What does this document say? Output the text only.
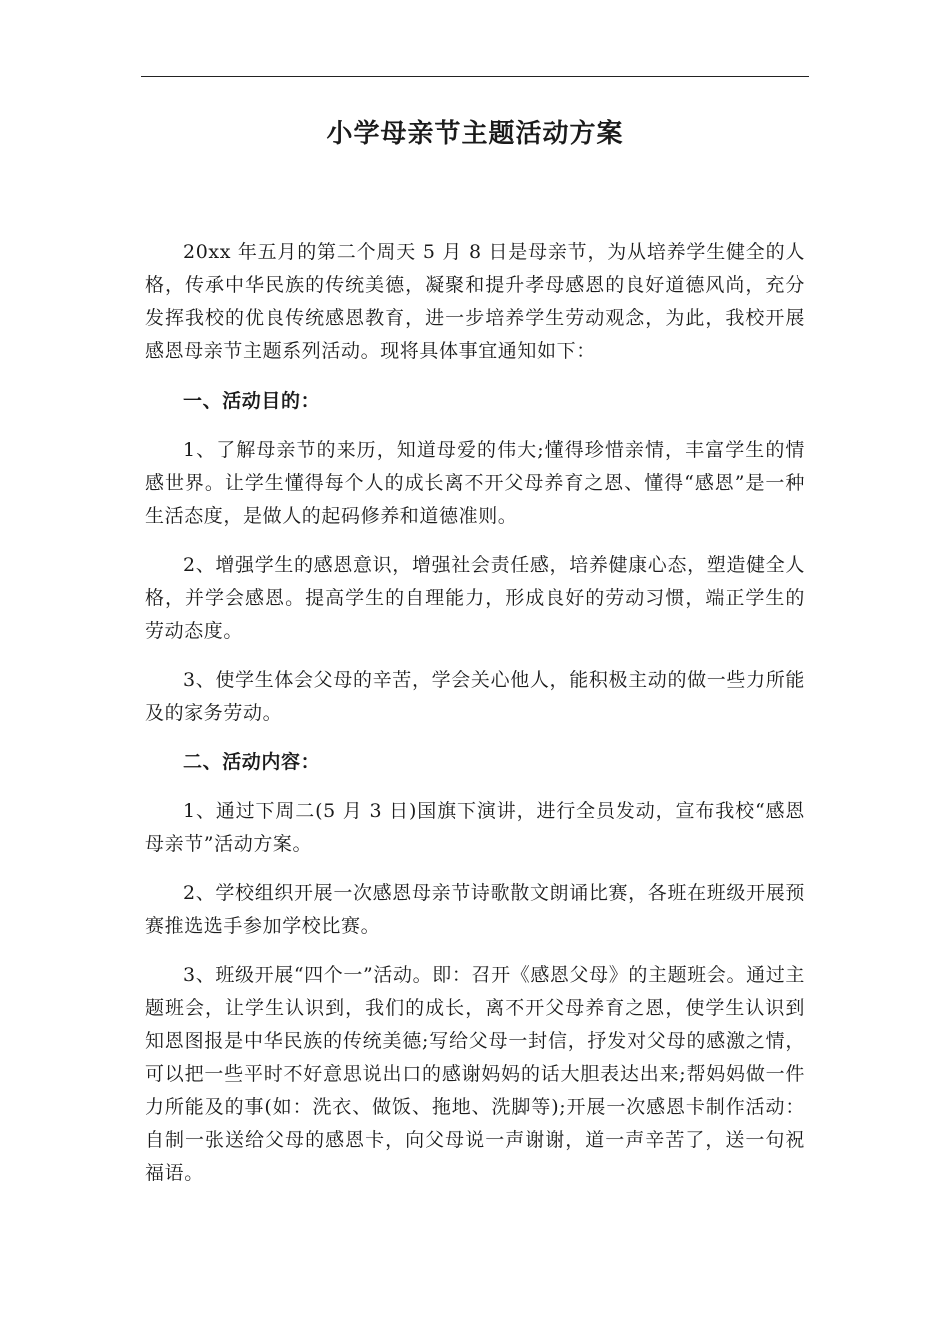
小学母亲节主题活动方案

20xx 年五月的第二个周天 5 月 8 日是母亲节，为从培养学生健全的人格，传承中华民族的传统美德，凝聚和提升孝母感恩的良好道德风尚，充分发挥我校的优良传统感恩教育，进一步培养学生劳动观念，为此，我校开展感恩母亲节主题系列活动。现将具体事宜通知如下：

一、活动目的：

1、了解母亲节的来历，知道母爱的伟大;懂得珍惜亲情，丰富学生的情感世界。让学生懂得每个人的成长离不开父母养育之恩、懂得“感恩”是一种生活态度，是做人的起码修养和道德准则。

2、增强学生的感恩意识，增强社会责任感，培养健康心态，塑造健全人格，并学会感恩。提高学生的自理能力，形成良好的劳动习惯，端正学生的劳动态度。

3、使学生体会父母的辛苦，学会关心他人，能积极主动的做一些力所能及的家务劳动。

二、活动内容：

1、通过下周二(5 月 3 日)国旗下演讲，进行全员发动，宣布我校“感恩母亲节”活动方案。

2、学校组织开展一次感恩母亲节诗歌散文朗诵比赛，各班在班级开展预赛推选选手参加学校比赛。

3、班级开展“四个一”活动。即：召开《感恩父母》的主题班会。通过主题班会，让学生认识到，我们的成长，离不开父母养育之恩，使学生认识到知恩图报是中华民族的传统美德;写给父母一封信，抒发对父母的感激之情，可以把一些平时不好意思说出口的感谢妈妈的话大胆表达出来;帮妈妈做一件力所能及的事(如：洗衣、做饭、拖地、洗脚等);开展一次感恩卡制作活动：自制一张送给父母的感恩卡，向父母说一声谢谢，道一声辛苦了，送一句祝福语。
